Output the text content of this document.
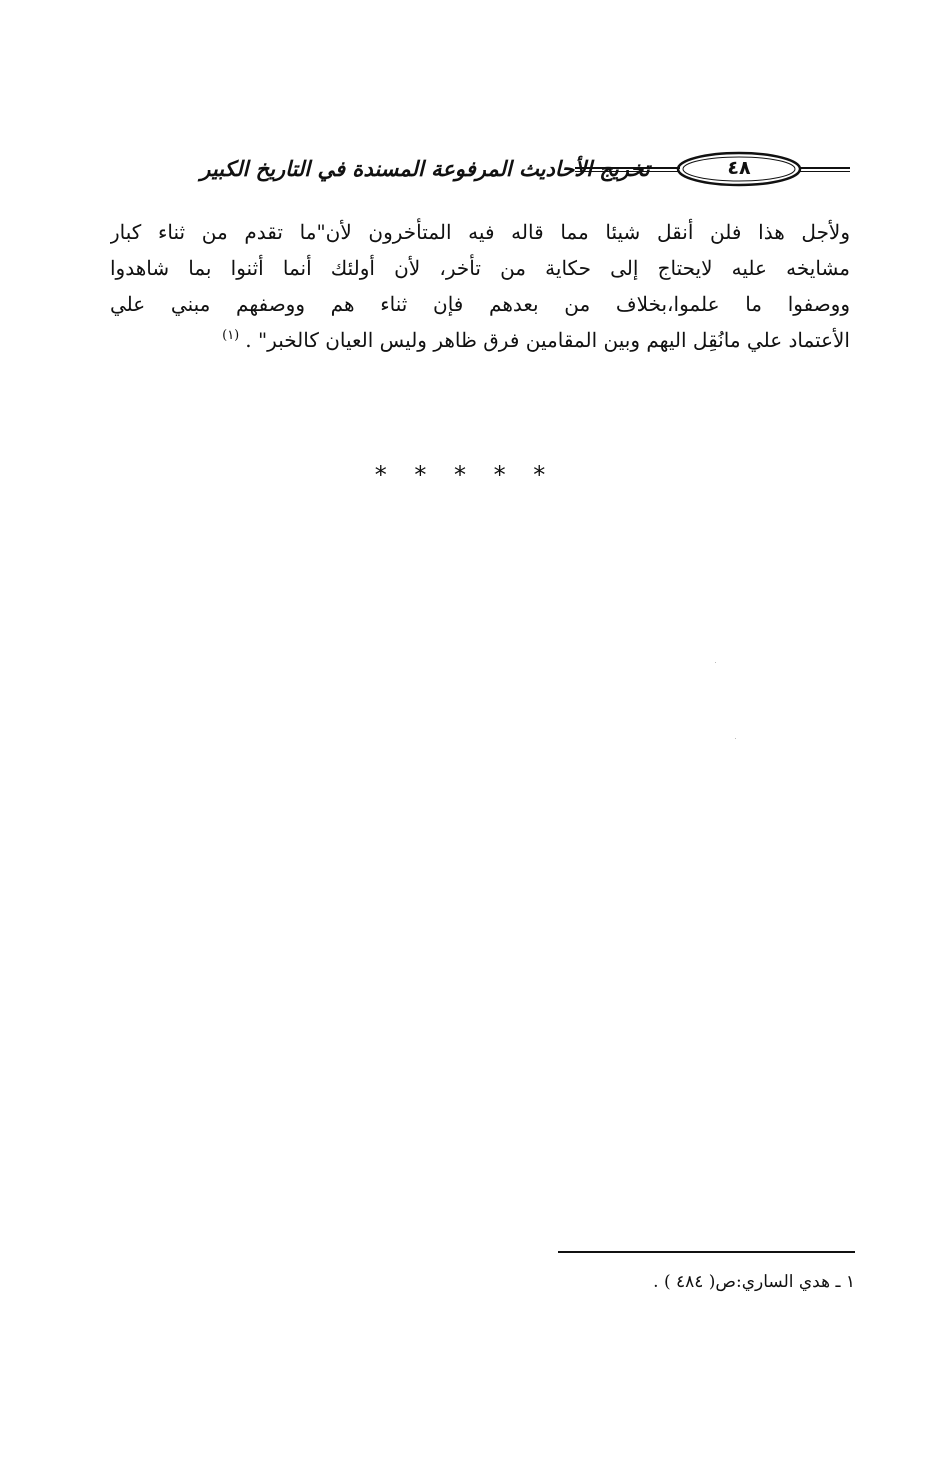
٤٨
تخريج الأحاديث المرفوعة المسندة في التاريخ الكبير
ولأجل هذا فلن أنقل شيئا مما قاله فيه المتأخرون لأن"ما تقدم من ثناء كبار
مشايخه عليه لايحتاج إلى حكاية من تأخر، لأن أولئك أنما أثنوا بما شاهدوا
ووصفوا ما علموا،بخلاف من بعدهم فإن ثناء هم ووصفهم مبني علي
الأعتماد علي مانُقِل اليهم وبين المقامين فرق ظاهر وليس العيان كالخبر" .$^{(١)}$
* * * * *
١ ـ هدي الساري:ص( ٤٨٤ ) .
